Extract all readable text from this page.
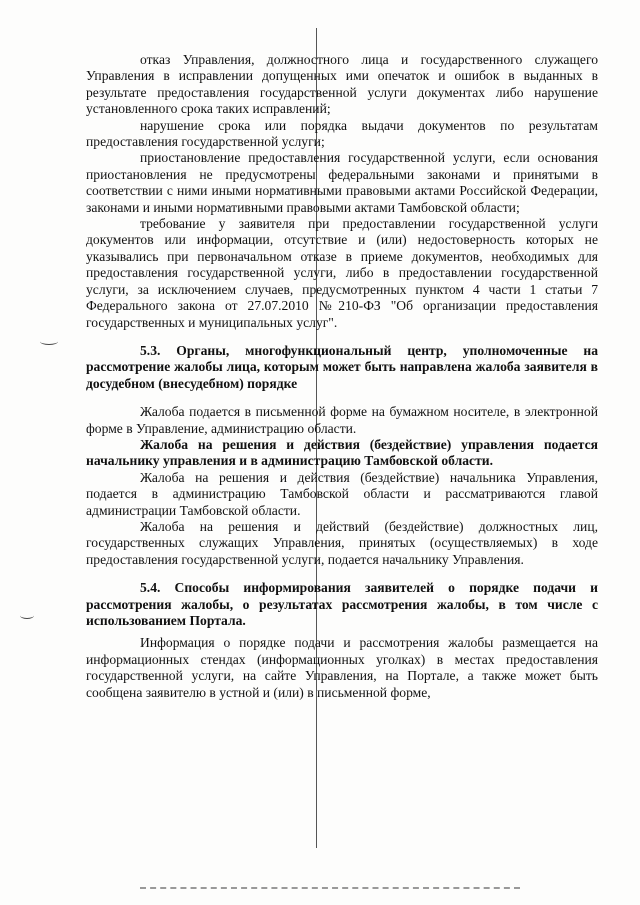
отказ Управления, должностного лица и государственного служащего Управления в исправлении допущенных ими опечаток и ошибок в выданных в результате предоставления государственной услуги документах либо нарушение установленного срока таких исправлений;

нарушение срока или порядка выдачи документов по результатам предоставления государственной услуги;

приостановление предоставления государственной услуги, если основания приостановления не предусмотрены федеральными законами и принятыми в соответствии с ними иными нормативными правовыми актами Российской Федерации, законами и иными нормативными правовыми актами Тамбовской области;

требование у заявителя при предоставлении государственной услуги документов или информации, отсутствие и (или) недостоверность которых не указывались при первоначальном отказе в приеме документов, необходимых для предоставления государственной услуги, либо в предоставлении государственной услуги, за исключением случаев, предусмотренных пунктом 4 части 1 статьи 7 Федерального закона от 27.07.2010 №210-ФЗ "Об организации предоставления государственных и муниципальных услуг".

5.3. Органы, многофункциональный центр, уполномоченные на рассмотрение жалобы лица, которым может быть направлена жалоба заявителя в досудебном (внесудебном) порядке

Жалоба подается в письменной форме на бумажном носителе, в электронной форме в Управление, администрацию области.

Жалоба на решения и действия (бездействие) управления подается начальнику управления и в администрацию Тамбовской области.

Жалоба на решения и действия (бездействие) начальника Управления, подается в администрацию Тамбовской области и рассматриваются главой администрации Тамбовской области.

Жалоба на решения и действий (бездействие) должностных лиц, государственных служащих Управления, принятых (осуществляемых) в ходе предоставления государственной услуги, подается начальнику Управления.

5.4. Способы информирования заявителей о порядке подачи и рассмотрения жалобы, о результатах рассмотрения жалобы, в том числе с использованием Портала.

Информация о порядке подачи и рассмотрения жалобы размещается на информационных стендах (информационных уголках) в местах предоставления государственной услуги, на сайте Управления, на Портале, а также может быть сообщена заявителю в устной и (или) в письменной форме,
